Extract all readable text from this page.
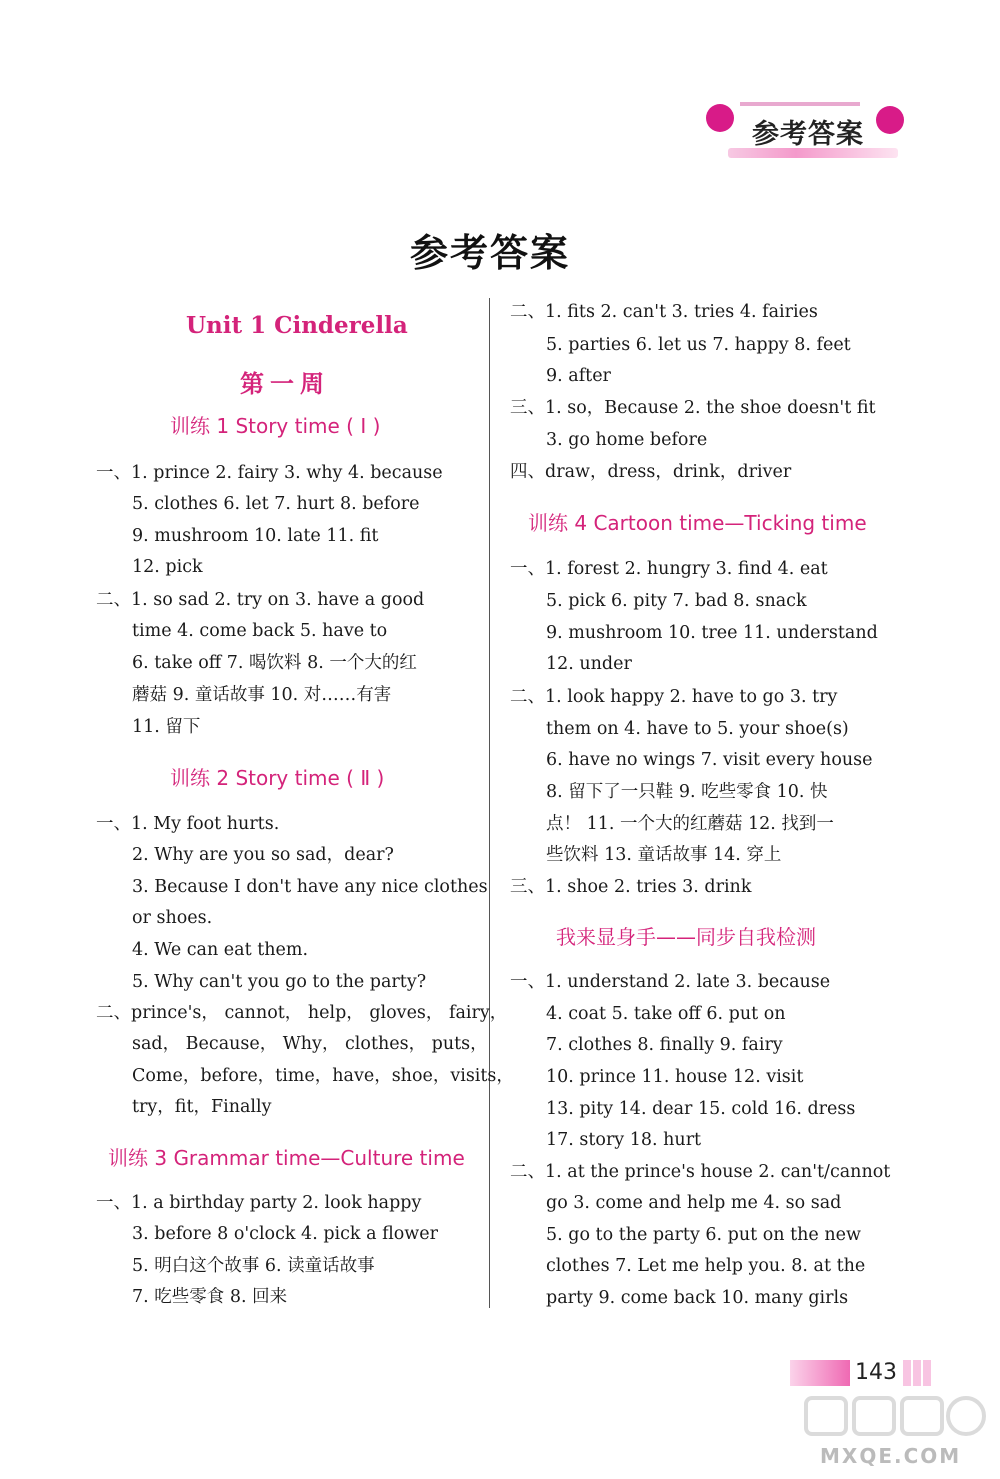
参考答案
参考答案
Unit 1 Cinderella
第一周
训练 1 Story time ( Ⅰ )
一、1. prince 2. fairy 3. why 4. because
5. clothes 6. let 7. hurt 8. before
9. mushroom 10. late 11. fit
12. pick
二、1. so sad 2. try on 3. have a good
time 4. come back 5. have to
6. take off 7. 喝饮料 8. 一个大的红
蘑菇 9. 童话故事 10. 对……有害
11. 留下
训练 2 Story time ( Ⅱ )
一、1. My foot hurts.
2. Why are you so sad，dear?
3. Because I don't have any nice clothes
or shoes.
4. We can eat them.
5. Why can't you go to the party?
二、prince's， cannot， help， gloves， fairy，
sad， Because， Why， clothes， puts，
Come，before，time，have，shoe，visits，
try，fit，Finally
训练 3 Grammar time—Culture time
一、1. a birthday party 2. look happy
3. before 8 o'clock 4. pick a flower
5. 明白这个故事 6. 读童话故事
7. 吃些零食 8. 回来
二、1. fits 2. can't 3. tries 4. fairies
5. parties 6. let us 7. happy 8. feet
9. after
三、1. so，Because 2. the shoe doesn't fit
3. go home before
四、draw，dress，drink，driver
训练 4 Cartoon time—Ticking time
一、1. forest 2. hungry 3. find 4. eat
5. pick 6. pity 7. bad 8. snack
9. mushroom 10. tree 11. understand
12. under
二、1. look happy 2. have to go 3. try
them on 4. have to 5. your shoe(s)
6. have no wings 7. visit every house
8. 留下了一只鞋 9. 吃些零食 10. 快
点！ 11. 一个大的红蘑菇 12. 找到一
些饮料 13. 童话故事 14. 穿上
三、1. shoe 2. tries 3. drink
我来显身手——同步自我检测
一、1. understand 2. late 3. because
4. coat 5. take off 6. put on
7. clothes 8. finally 9. fairy
10. prince 11. house 12. visit
13. pity 14. dear 15. cold 16. dress
17. story 18. hurt
二、1. at the prince's house 2. can't/cannot
go 3. come and help me 4. so sad
5. go to the party 6. put on the new
clothes 7. Let me help you. 8. at the
party 9. come back 10. many girls
143
MXQE.COM
